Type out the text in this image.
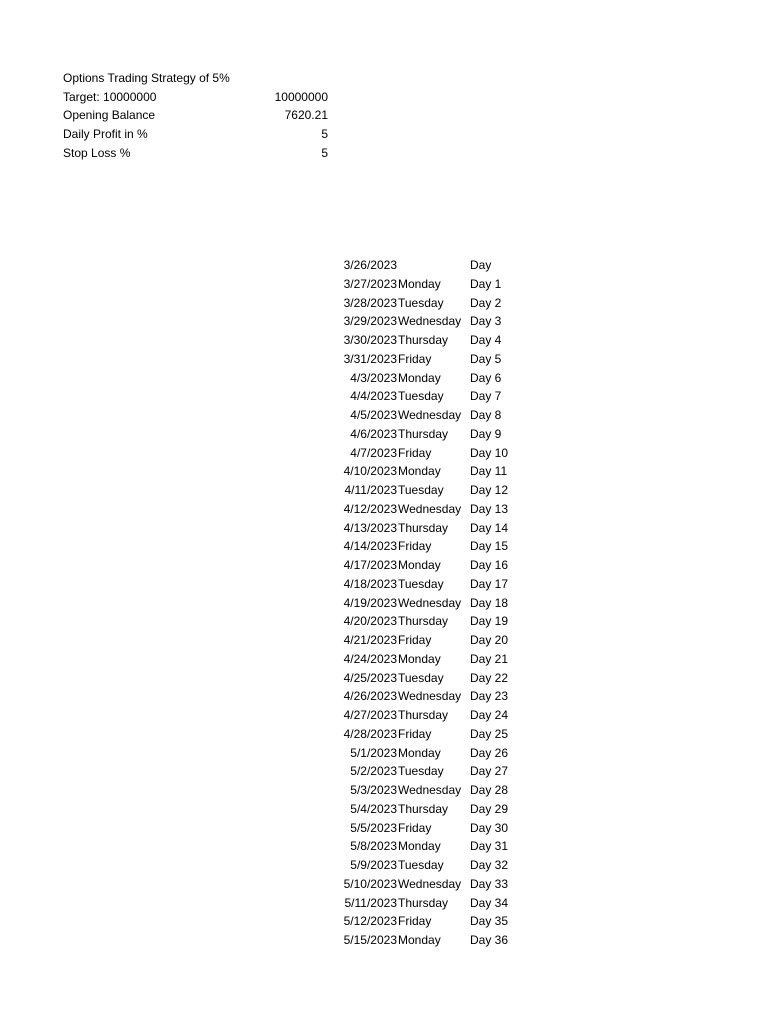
Options Trading Strategy of 5%
Target: 10000000	10000000
Opening Balance	7620.21
Daily Profit in %	5
Stop Loss %	5
3/26/2023	Day
3/27/2023 Monday	Day 1
3/28/2023 Tuesday	Day 2
3/29/2023 Wednesday Day 3
3/30/2023 Thursday	Day 4
3/31/2023 Friday	Day 5
4/3/2023 Monday	Day 6
4/4/2023 Tuesday	Day 7
4/5/2023 Wednesday Day 8
4/6/2023 Thursday	Day 9
4/7/2023 Friday	Day 10
4/10/2023 Monday	Day 11
4/11/2023 Tuesday	Day 12
4/12/2023 Wednesday Day 13
4/13/2023 Thursday	Day 14
4/14/2023 Friday	Day 15
4/17/2023 Monday	Day 16
4/18/2023 Tuesday	Day 17
4/19/2023 Wednesday Day 18
4/20/2023 Thursday	Day 19
4/21/2023 Friday	Day 20
4/24/2023 Monday	Day 21
4/25/2023 Tuesday	Day 22
4/26/2023 Wednesday Day 23
4/27/2023 Thursday	Day 24
4/28/2023 Friday	Day 25
5/1/2023 Monday	Day 26
5/2/2023 Tuesday	Day 27
5/3/2023 Wednesday Day 28
5/4/2023 Thursday	Day 29
5/5/2023 Friday	Day 30
5/8/2023 Monday	Day 31
5/9/2023 Tuesday	Day 32
5/10/2023 Wednesday Day 33
5/11/2023 Thursday	Day 34
5/12/2023 Friday	Day 35
5/15/2023 Monday	Day 36
